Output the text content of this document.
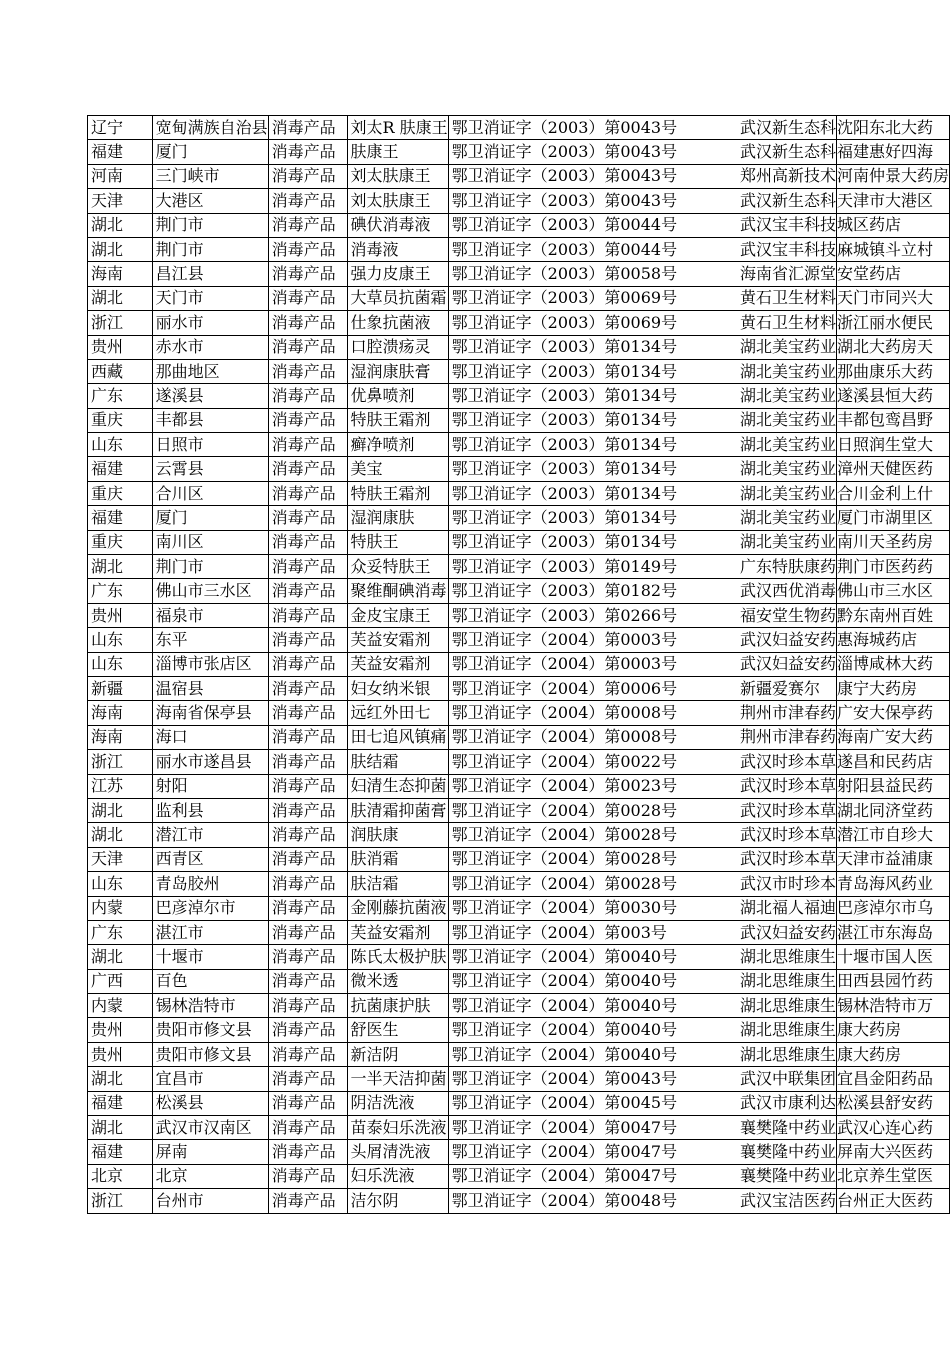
辽宁	宽甸满族自治县	消毒产品	刘太R 肤康王	鄂卫消证字（2003）第0043号	武汉新生态科	沈阳东北大药
福建	厦门	消毒产品	肤康王	鄂卫消证字（2003）第0043号	武汉新生态科	福建惠好四海
河南	三门峡市	消毒产品	刘太肤康王	鄂卫消证字（2003）第0043号	郑州高新技术	河南仲景大药房
天津	大港区	消毒产品	刘太肤康王	鄂卫消证字（2003）第0043号	武汉新生态科	天津市大港区
湖北	荆门市	消毒产品	碘伏消毒液	鄂卫消证字（2003）第0044号	武汉宝丰科技	城区药店
湖北	荆门市	消毒产品	消毒液	鄂卫消证字（2003）第0044号	武汉宝丰科技	麻城镇斗立村
海南	昌江县	消毒产品	强力皮康王	鄂卫消证字（2003）第0058号	海南省汇源堂	安堂药店
湖北	天门市	消毒产品	大草员抗菌霜	鄂卫消证字（2003）第0069号	黄石卫生材料	天门市同兴大
浙江	丽水市	消毒产品	仕象抗菌液	鄂卫消证字（2003）第0069号	黄石卫生材料	浙江丽水便民
贵州	赤水市	消毒产品	口腔溃疡灵	鄂卫消证字（2003）第0134号	湖北美宝药业	湖北大药房天
西藏	那曲地区	消毒产品	湿润康肤膏	鄂卫消证字（2003）第0134号	湖北美宝药业	那曲康乐大药
广东	遂溪县	消毒产品	优鼻喷剂	鄂卫消证字（2003）第0134号	湖北美宝药业	遂溪县恒大药
重庆	丰都县	消毒产品	特肤王霜剂	鄂卫消证字（2003）第0134号	湖北美宝药业	丰都包鸾昌野
山东	日照市	消毒产品	癣净喷剂	鄂卫消证字（2003）第0134号	湖北美宝药业	日照润生堂大
福建	云霄县	消毒产品	美宝	鄂卫消证字（2003）第0134号	湖北美宝药业	漳州天健医药
重庆	合川区	消毒产品	特肤王霜剂	鄂卫消证字（2003）第0134号	湖北美宝药业	合川金利上什
福建	厦门	消毒产品	湿润康肤	鄂卫消证字（2003）第0134号	湖北美宝药业	厦门市湖里区
重庆	南川区	消毒产品	特肤王	鄂卫消证字（2003）第0134号	湖北美宝药业	南川天圣药房
湖北	荆门市	消毒产品	众妥特肤王	鄂卫消证字（2003）第0149号	广东特肤康药	荆门市医药药
广东	佛山市三水区	消毒产品	聚维酮碘消毒	鄂卫消证字（2003）第0182号	武汉西优消毒	佛山市三水区
贵州	福泉市	消毒产品	金皮宝康王	鄂卫消证字（2003）第0266号	福安堂生物药	黔东南州百姓
山东	东平	消毒产品	芙益安霜剂	鄂卫消证字（2004）第0003号	武汉妇益安药	惠海城药店
山东	淄博市张店区	消毒产品	芙益安霜剂	鄂卫消证字（2004）第0003号	武汉妇益安药	淄博咸林大药
新疆	温宿县	消毒产品	妇女纳米银	鄂卫消证字（2004）第0006号	新疆爱赛尔	康宁大药房
海南	海南省保亭县	消毒产品	远红外田七	鄂卫消证字（2004）第0008号	荆州市津春药	广安大保亭药
海南	海口	消毒产品	田七追风镇痛	鄂卫消证字（2004）第0008号	荆州市津春药	海南广安大药
浙江	丽水市遂昌县	消毒产品	肤结霜	鄂卫消证字（2004）第0022号	武汉时珍本草	遂昌和民药店
江苏	射阳	消毒产品	妇清生态抑菌	鄂卫消证字（2004）第0023号	武汉时珍本草	射阳县益民药
湖北	监利县	消毒产品	肤清霜抑菌膏	鄂卫消证字（2004）第0028号	武汉时珍本草	湖北同济堂药
湖北	潜江市	消毒产品	润肤康	鄂卫消证字（2004）第0028号	武汉时珍本草	潜江市自珍大
天津	西青区	消毒产品	肤消霜	鄂卫消证字（2004）第0028号	武汉时珍本草	天津市益浦康
山东	青岛胶州	消毒产品	肤洁霜	鄂卫消证字（2004）第0028号	武汉市时珍本	青岛海风药业
内蒙	巴彦淖尔市	消毒产品	金刚藤抗菌液	鄂卫消证字（2004）第0030号	湖北福人福迪	巴彦淖尔市乌
广东	湛江市	消毒产品	芙益安霜剂	鄂卫消证字（2004）第003号	武汉妇益安药	湛江市东海岛
湖北	十堰市	消毒产品	陈氏太极护肤	鄂卫消证字（2004）第0040号	湖北思维康生	十堰市国人医
广西	百色	消毒产品	微米透	鄂卫消证字（2004）第0040号	湖北思维康生	田西县园竹药
内蒙	锡林浩特市	消毒产品	抗菌康护肤	鄂卫消证字（2004）第0040号	湖北思维康生	锡林浩特市万
贵州	贵阳市修文县	消毒产品	舒医生	鄂卫消证字（2004）第0040号	湖北思维康生	康大药房
贵州	贵阳市修文县	消毒产品	新洁阴	鄂卫消证字（2004）第0040号	湖北思维康生	康大药房
湖北	宜昌市	消毒产品	一半天洁抑菌	鄂卫消证字（2004）第0043号	武汉中联集团	宜昌金阳药品
福建	松溪县	消毒产品	阴洁洗液	鄂卫消证字（2004）第0045号	武汉市康利达	松溪县舒安药
湖北	武汉市汉南区	消毒产品	苗泰妇乐洗液	鄂卫消证字（2004）第0047号	襄樊隆中药业	武汉心连心药
福建	屏南	消毒产品	头屑清洗液	鄂卫消证字（2004）第0047号	襄樊隆中药业	屏南大兴医药
北京	北京	消毒产品	妇乐洗液	鄂卫消证字（2004）第0047号	襄樊隆中药业	北京养生堂医
浙江	台州市	消毒产品	洁尔阴	鄂卫消证字（2004）第0048号	武汉宝洁医药	台州正大医药
